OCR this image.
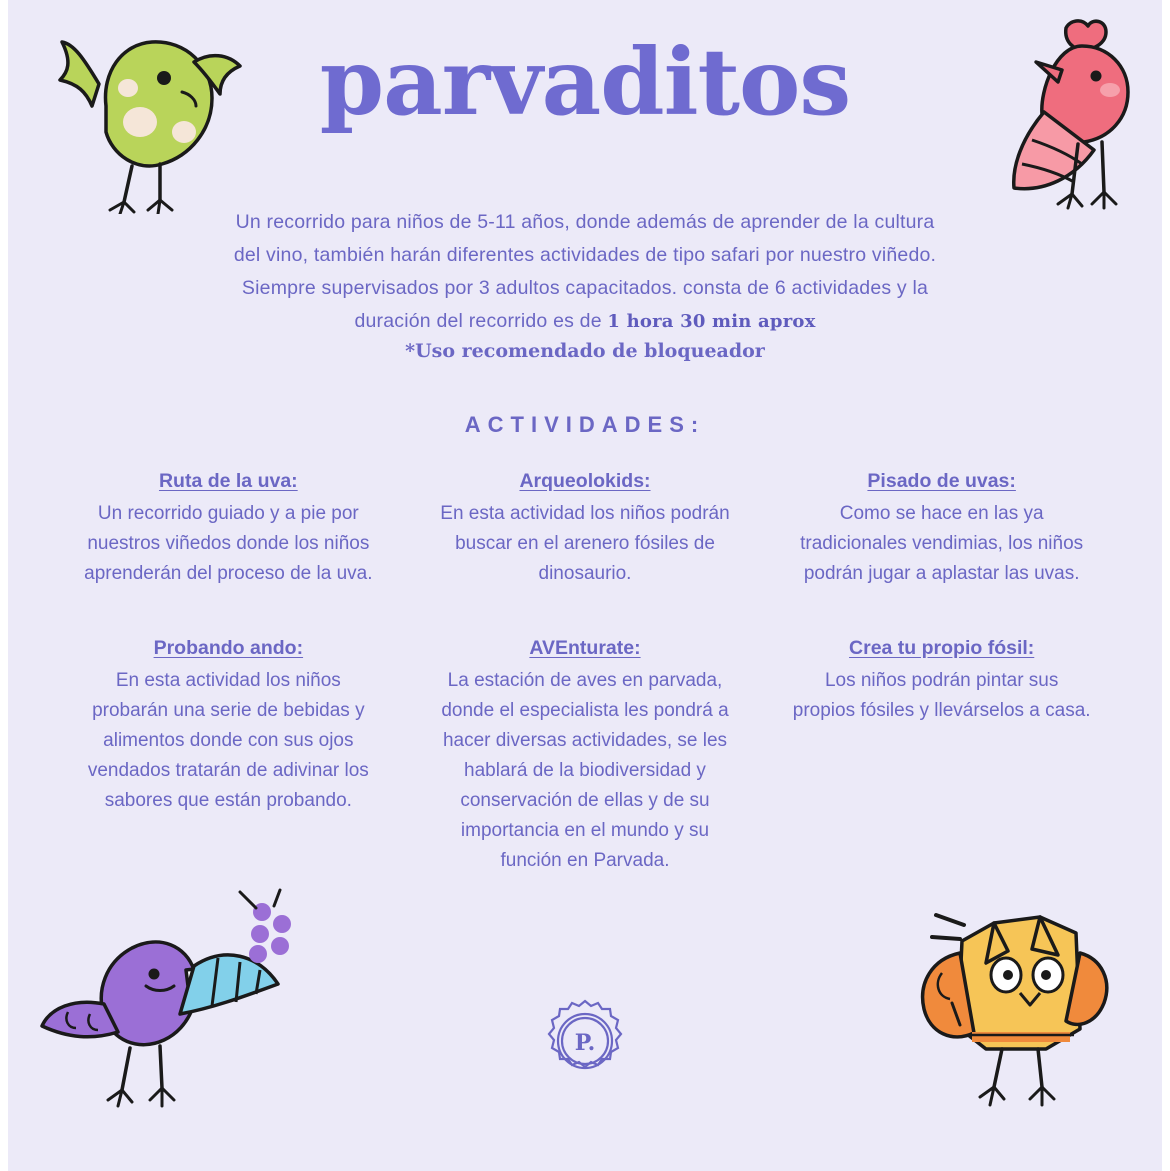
parvaditos
Un recorrido para niños de 5-11 años, donde además de aprender de la cultura
del vino, también harán diferentes actividades de tipo safari por nuestro viñedo.
Siempre supervisados por 3 adultos capacitados. consta de 6 actividades y la
duración del recorrido es de 1 hora 30 min aprox
*Uso recomendado de bloqueador
ACTIVIDADES:
Ruta de la uva:
Un recorrido guiado y a pie por nuestros viñedos donde los niños aprenderán del proceso de la uva.
Arqueolokids:
En esta actividad los niños podrán buscar en el arenero fósiles de dinosaurio.
Pisado de uvas:
Como se hace en las ya tradicionales vendimias, los niños podrán jugar a aplastar las uvas.
Probando ando:
En esta actividad los niños probarán una serie de bebidas y alimentos donde con sus ojos vendados tratarán de adivinar los sabores que están probando.
AVEnturate:
La estación de aves en parvada, donde el especialista les pondrá a hacer diversas actividades, se les hablará de la biodiversidad y conservación de ellas y de su importancia en el mundo y su función en Parvada.
Crea tu propio fósil:
Los niños podrán pintar sus propios fósiles y llevárselos a casa.
P.
